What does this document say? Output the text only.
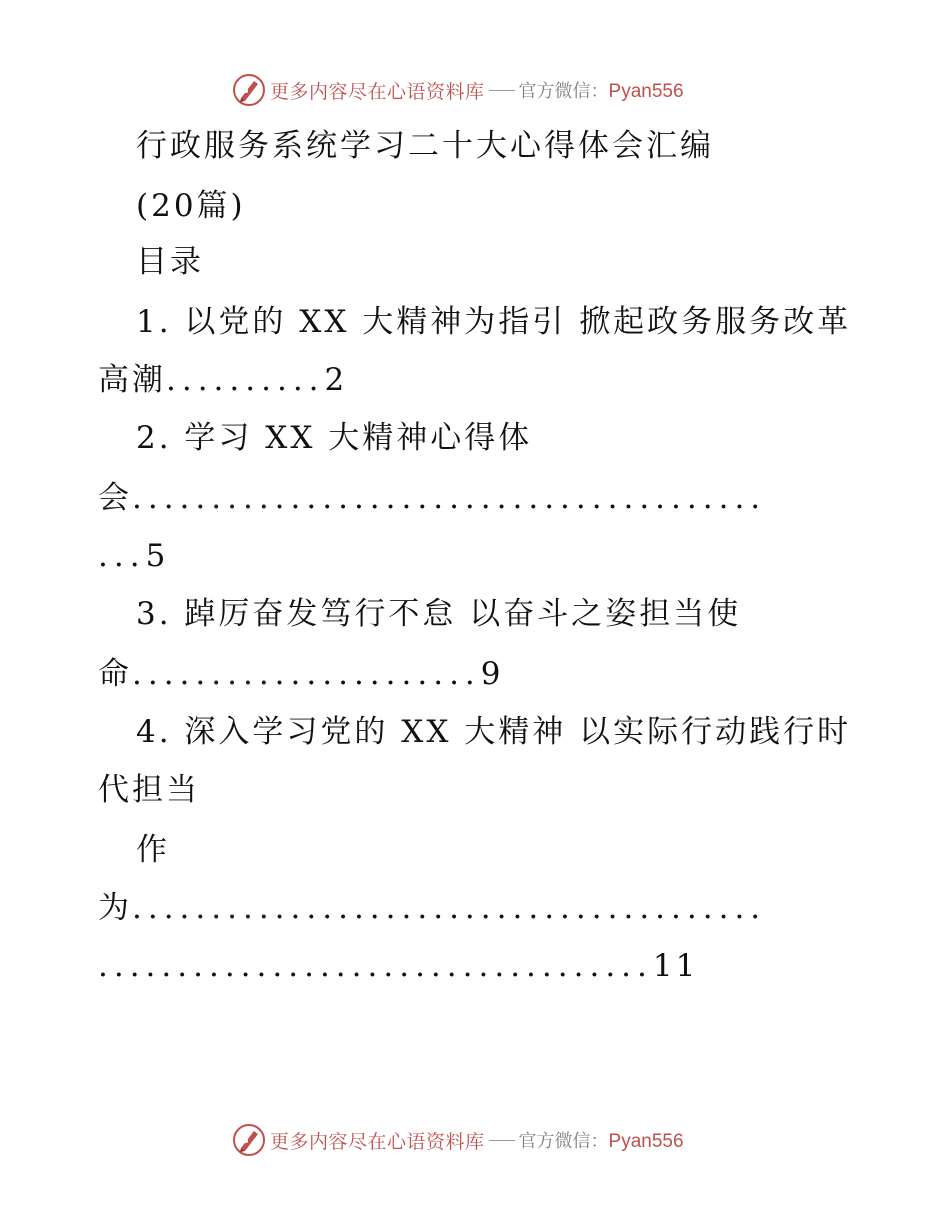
更多内容尽在心语资料库 官方微信：Pyan556
行政服务系统学习二十大心得体会汇编
(20篇)
目录
1. 以党的 XX 大精神为指引 掀起政务服务改革
高潮..........2
2. 学习 XX 大精神心得体
会........................................
...5
3. 踔厉奋发笃行不怠 以奋斗之姿担当使
命......................9
4. 深入学习党的 XX 大精神 以实际行动践行时
代担当
作
为........................................
...................................11
更多内容尽在心语资料库 官方微信：Pyan556
